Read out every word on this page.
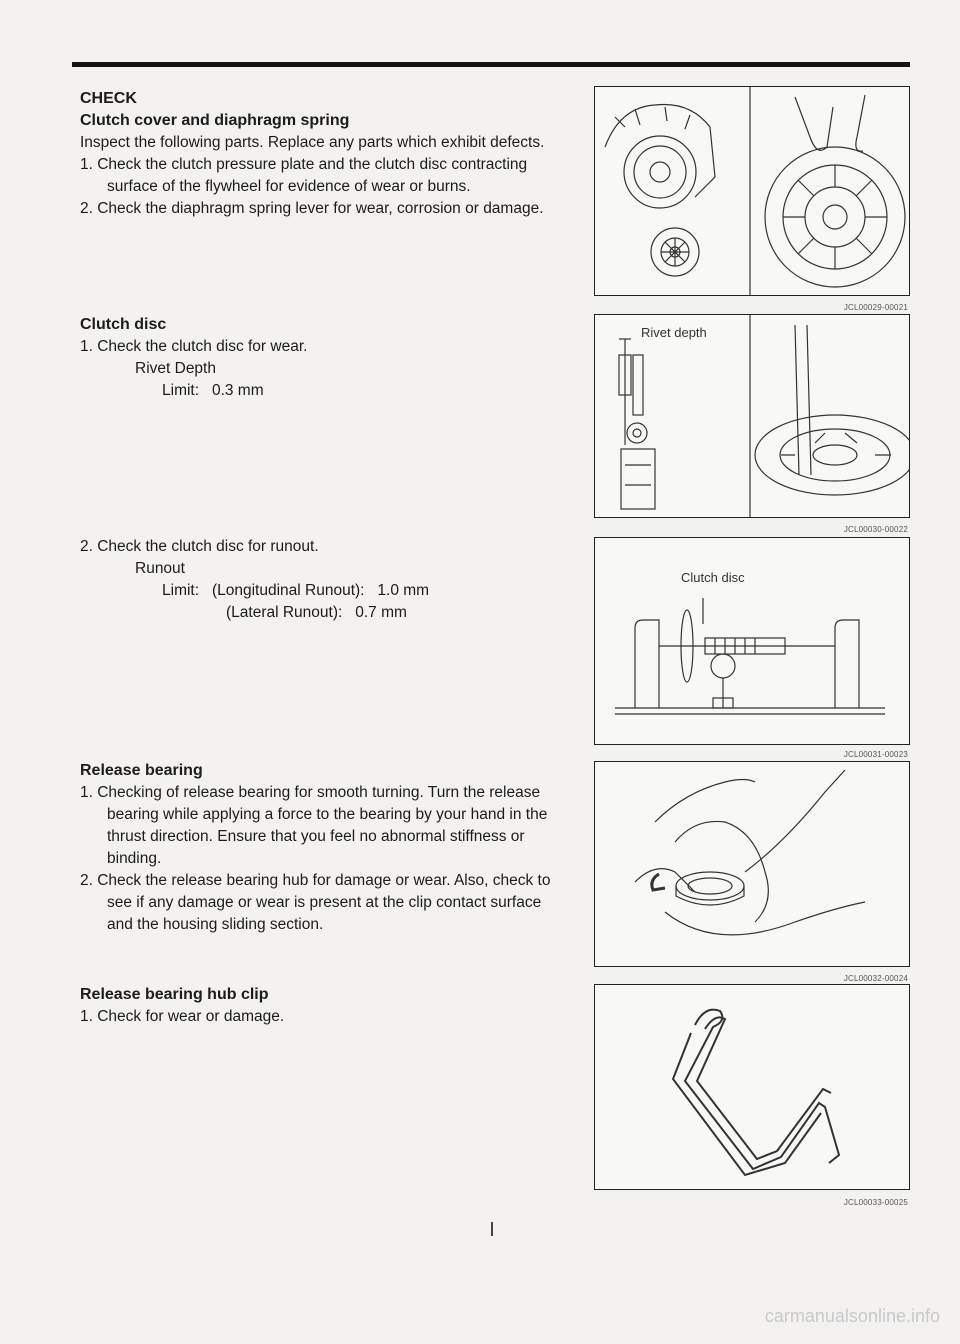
CHECK

Clutch cover and diaphragm spring

Inspect the following parts. Replace any parts which exhibit defects.

1. Check the clutch pressure plate and the clutch disc contracting surface of the flywheel for evidence of wear or burns.

2. Check the diaphragm spring lever for wear, corrosion or damage.

Clutch disc

1. Check the clutch disc for wear.

Rivet Depth

Limit:   0.3 mm

2. Check the clutch disc for runout.

Runout

Limit:   (Longitudinal Runout):   1.0 mm

(Lateral Runout):   0.7 mm

Release bearing

1. Checking of release bearing for smooth turning. Turn the release bearing while applying a force to the bearing by your hand in the thrust direction. Ensure that you feel no abnormal stiffness or binding.

2. Check the release bearing hub for damage or wear. Also, check to see if any damage or wear is present at the clip contact surface and the housing sliding section.

Release bearing hub clip

1. Check for wear or damage.

JCL00029-00021
Rivet depth
JCL00030-00022
Clutch disc
JCL00031-00023
JCL00032-00024
JCL00033-00025
carmanualsonline.info
